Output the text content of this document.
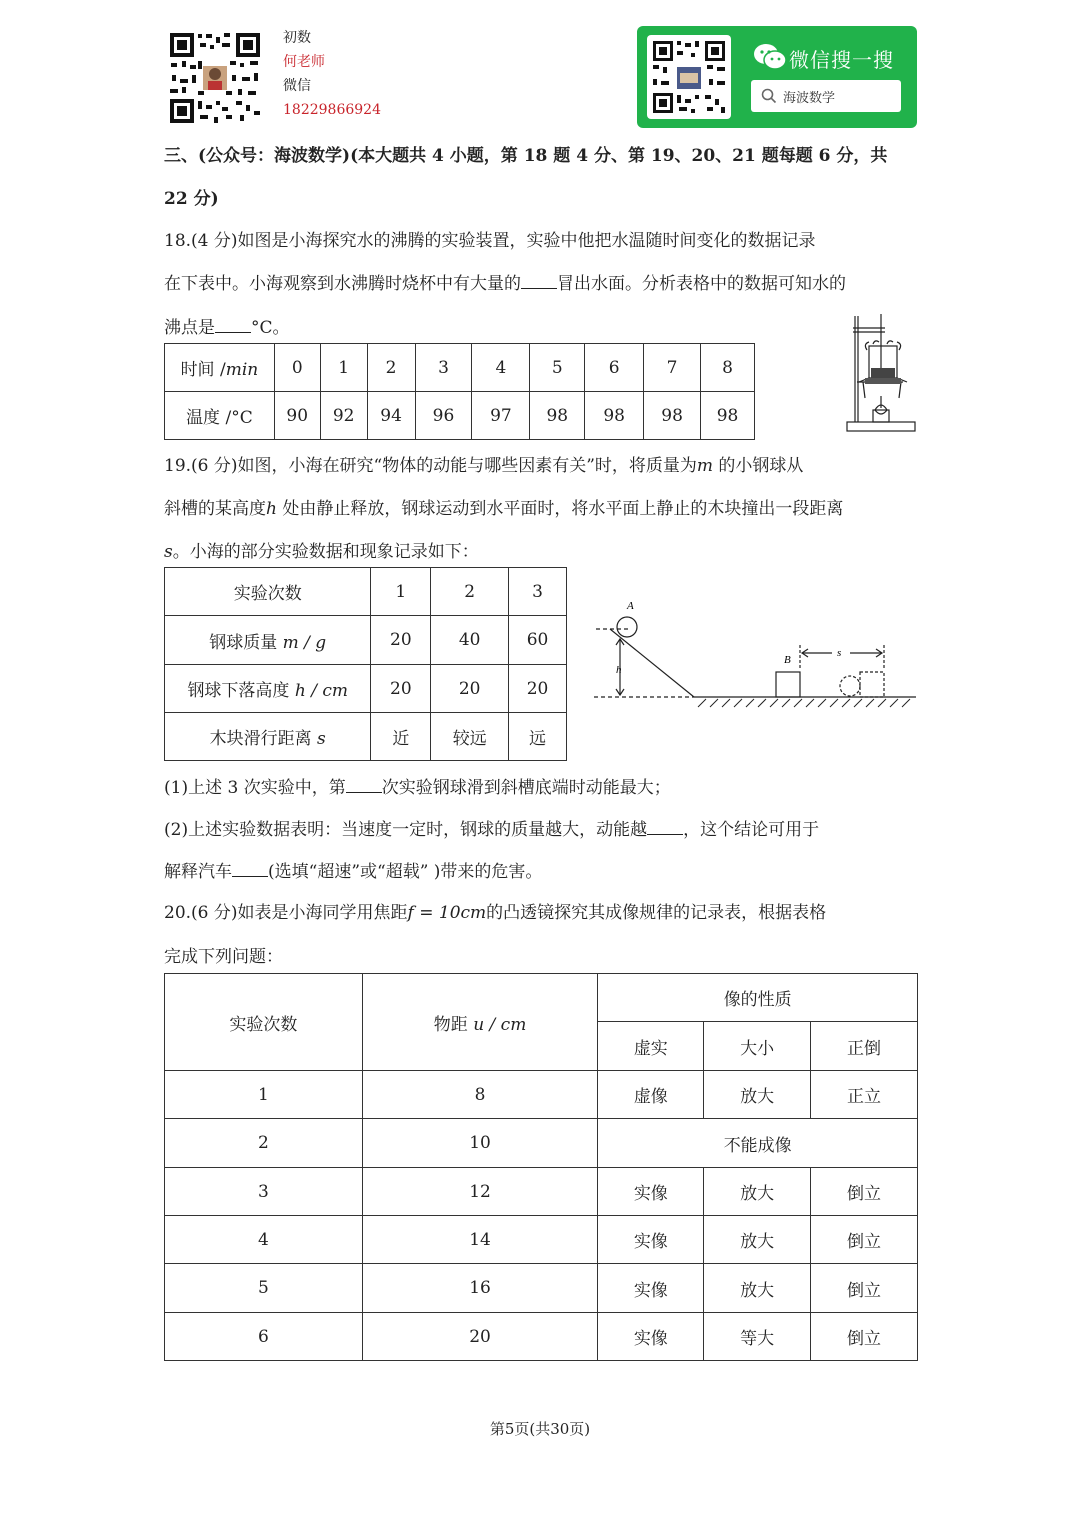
初数
何老师
微信
18229866924
微信搜一搜
海波数学
三、(公众号：海波数学)(本大题共 4 小题，第 18 题 4 分、第 19、20、21 题每题 6 分，共
22 分)
18.(4 分)如图是小海探究水的沸腾的实验装置，实验中他把水温随时间变化的数据记录
在下表中。小海观察到水沸腾时烧杯中有大量的 冒出水面。分析表格中的数据可知水的
沸点是 °C。
时间 /min	0	1	2	3	4	5	6	7	8
温度 /°C	90	92	94	96	97	98	98	98	98
19.(6 分)如图，小海在研究“物体的动能与哪些因素有关”时，将质量为m 的小钢球从
斜槽的某高度h 处由静止释放，钢球运动到水平面时，将水平面上静止的木块撞出一段距离
s。小海的部分实验数据和现象记录如下：
实验次数	1	2	3
钢球质量 m / g	20	40	60
钢球下落高度 h / cm	20	20	20
木块滑行距离 s	近	较远	远
A
h
B
s
(1)上述 3 次实验中，第 次实验钢球滑到斜槽底端时动能最大；
(2)上述实验数据表明：当速度一定时，钢球的质量越大，动能越 ，这个结论可用于
解释汽车 (选填“超速”或“超载” )带来的危害。
20.(6 分)如表是小海同学用焦距f = 10cm的凸透镜探究其成像规律的记录表，根据表格
完成下列问题：
实验次数	物距 u / cm	像的性质		
		虚实	大小	正倒
1	8	虚像	放大	正立
2	10	不能成像		
3	12	实像	放大	倒立
4	14	实像	放大	倒立
5	16	实像	放大	倒立
6	20	实像	等大	倒立
第5页(共30页)
